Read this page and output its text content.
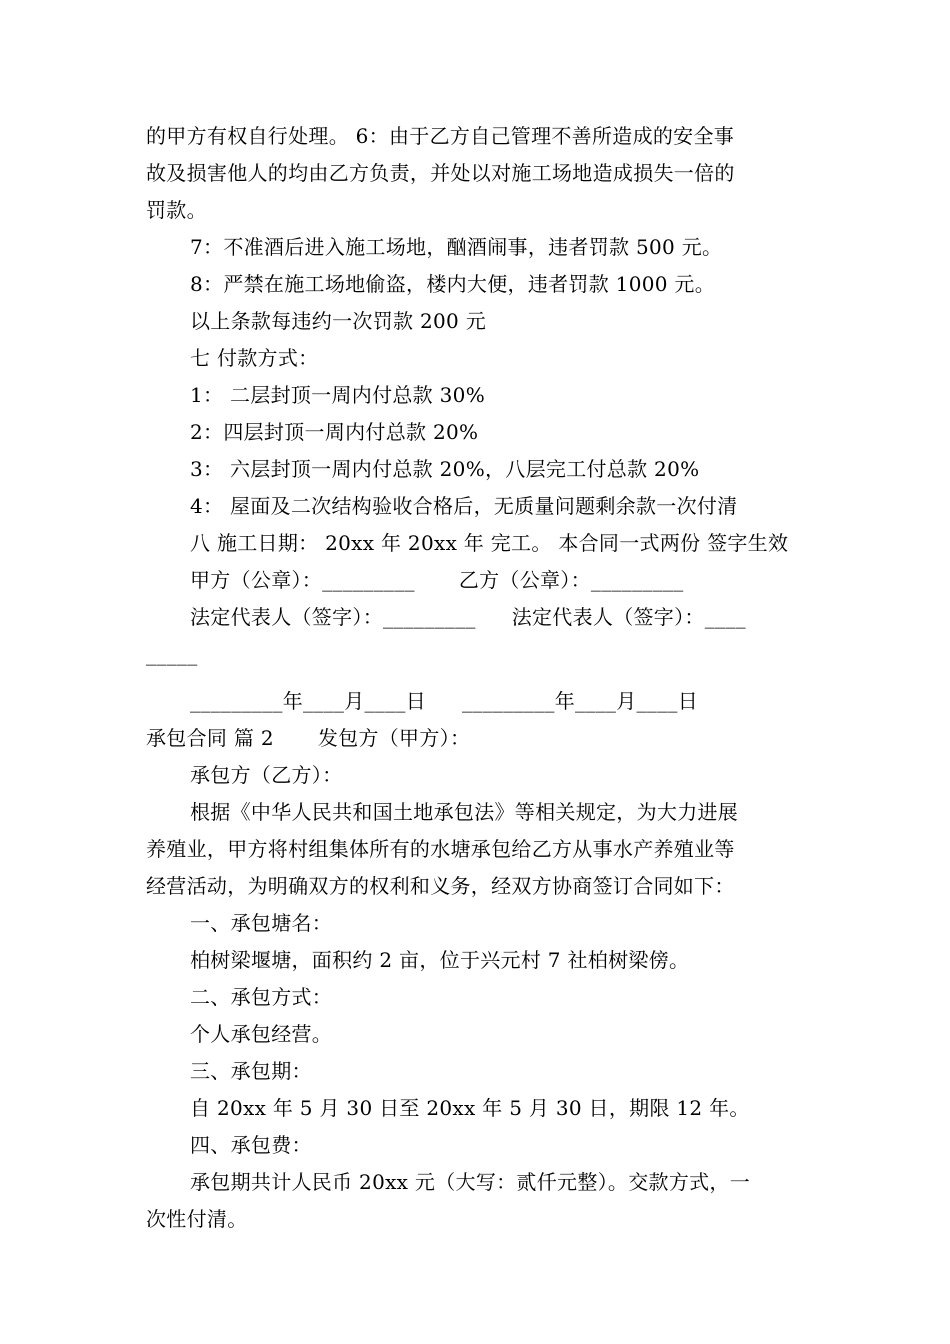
的甲方有权自行处理。 6：由于乙方自己管理不善所造成的安全事

故及损害他人的均由乙方负责，并处以对施工场地造成损失一倍的

罚款。

7：不准酒后进入施工场地，酗酒闹事，违者罚款 500 元。

8：严禁在施工场地偷盗，楼内大便，违者罚款 1000 元。

以上条款每违约一次罚款 200 元

七 付款方式：

1： 二层封顶一周内付总款 30%

2：四层封顶一周内付总款 20%

3： 六层封顶一周内付总款 20%，八层完工付总款 20%

4： 屋面及二次结构验收合格后，无质量问题剩余款一次付清

八 施工日期： 20xx 年 20xx 年 完工。 本合同一式两份 签字生效

甲方（公章）：_________ 乙方（公章）：_________

法定代表人（签字）：_________ 法定代表人（签字）：____

_____

_________年____月____日 _________年____月____日

承包合同 篇 2 发包方（甲方）：

承包方（乙方）：

根据《中华人民共和国土地承包法》等相关规定，为大力进展

养殖业，甲方将村组集体所有的水塘承包给乙方从事水产养殖业等

经营活动，为明确双方的权利和义务，经双方协商签订合同如下：

一、承包塘名：

柏树梁堰塘，面积约 2 亩，位于兴元村 7 社柏树梁傍。

二、承包方式：

个人承包经营。

三、承包期：

自 20xx 年 5 月 30 日至 20xx 年 5 月 30 日，期限 12 年。

四、承包费：

承包期共计人民币 20xx 元（大写：贰仟元整）。交款方式，一

次性付清。
